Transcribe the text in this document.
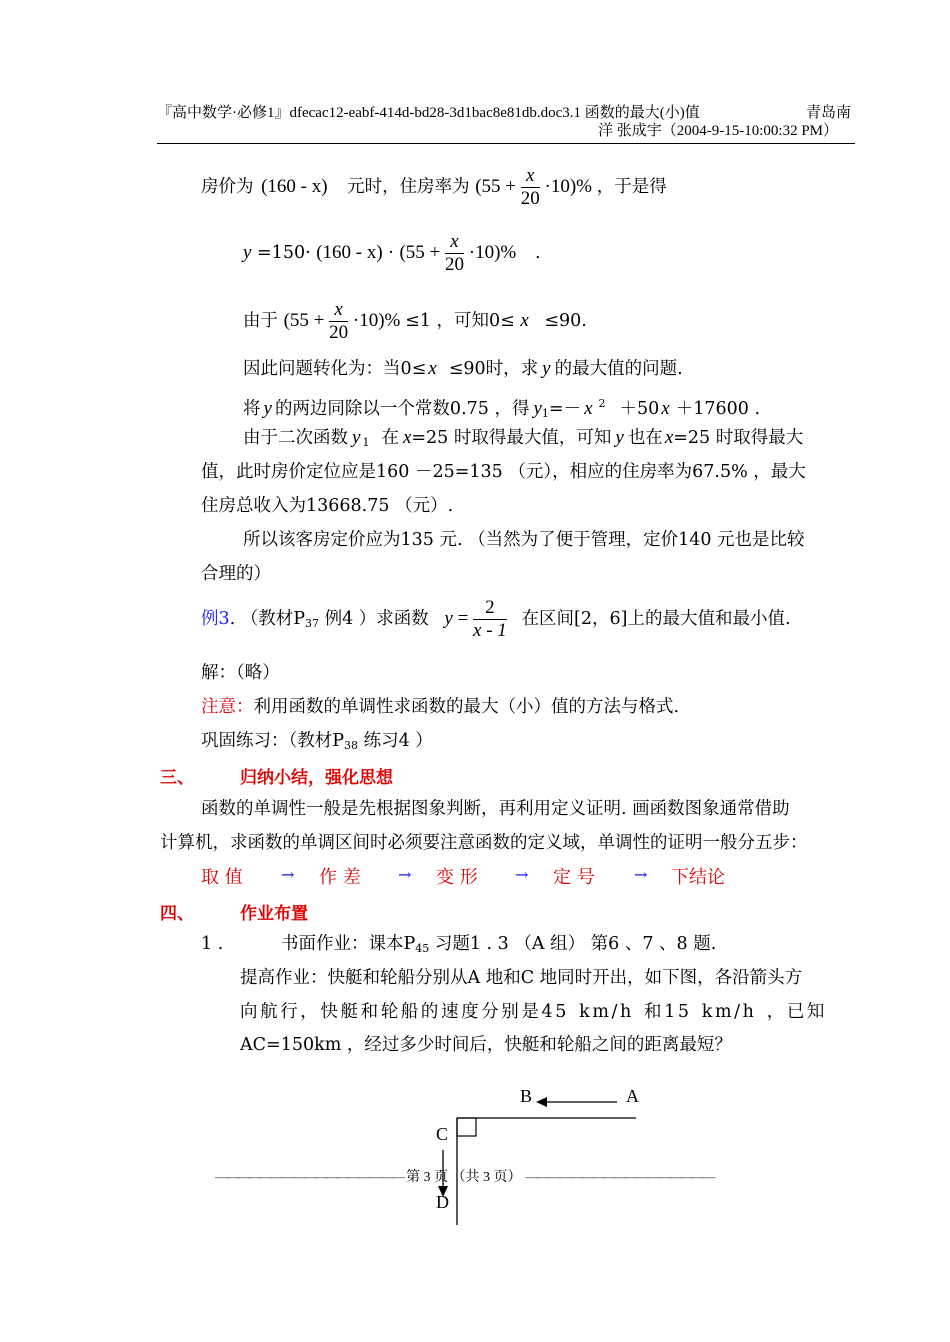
『高中数学·必修1』dfecac12-eabf-414d-bd28-3d1bac8e81db.doc3.1 函数的最大(小)值	青岛南
洋 张成宇（2004-9-15-10:00:32 PM）
房价为 (160 - x) 元时，住房率为 $(55 + \frac{x}{20} \cdot 10)\%$ ，于是得
$y =150\cdot (160 - x) \cdot (55 + \frac{x}{20} \cdot 10)\%$ .
由于 $(55 + \frac{x}{20} \cdot 10)\% \le 1$ ，可知0≤ x ≤90.
因此问题转化为：当0≤ x ≤90时，求 y 的最大值的问题.
将 y 的两边同除以一个常数0.75 ，得 y1=－ x $^2$ ＋50 x ＋17600 .
由于二次函数 y 1 在 x=25 时取得最大值，可知 y 也在 x=25 时取得最大
值，此时房价定位应是160 －25=135 （元），相应的住房率为67.5% ，最大
住房总收入为13668.75 （元）.
所以该客房定价应为135 元. （当然为了便于管理，定价140 元也是比较
合理的）
例3. （教材P37 例4 ）求函数 $y = \frac{2}{x - 1}$ 在区间[2，6]上的最大值和最小值.
解：（略）
注意：利用函数的单调性求函数的最大（小）值的方法与格式.
巩固练习：（教材P38 练习4 ）
三、	归纳小结，强化思想
函数的单调性一般是先根据图象判断，再利用定义证明. 画函数图象通常借助
计算机，求函数的单调区间时必须要注意函数的定义域，单调性的证明一般分五步：
取 值 → 作 差 → 变 形 → 定 号 → 下结论
四、	作业布置
1 .	书面作业：课本P45 习题1 . 3 （A 组） 第6 、7 、8 题.
提高作业：快艇和轮船分别从A 地和C 地同时开出，如下图，各沿箭头方
向航行，快艇和轮船的速度分别是45 km/h 和15 km/h ，已知
AC=150km ，经过多少时间后，快艇和轮船之间的距离最短？
B	A
C
D
————————————————— 第 3 页 （共 3 页） —————————————————
